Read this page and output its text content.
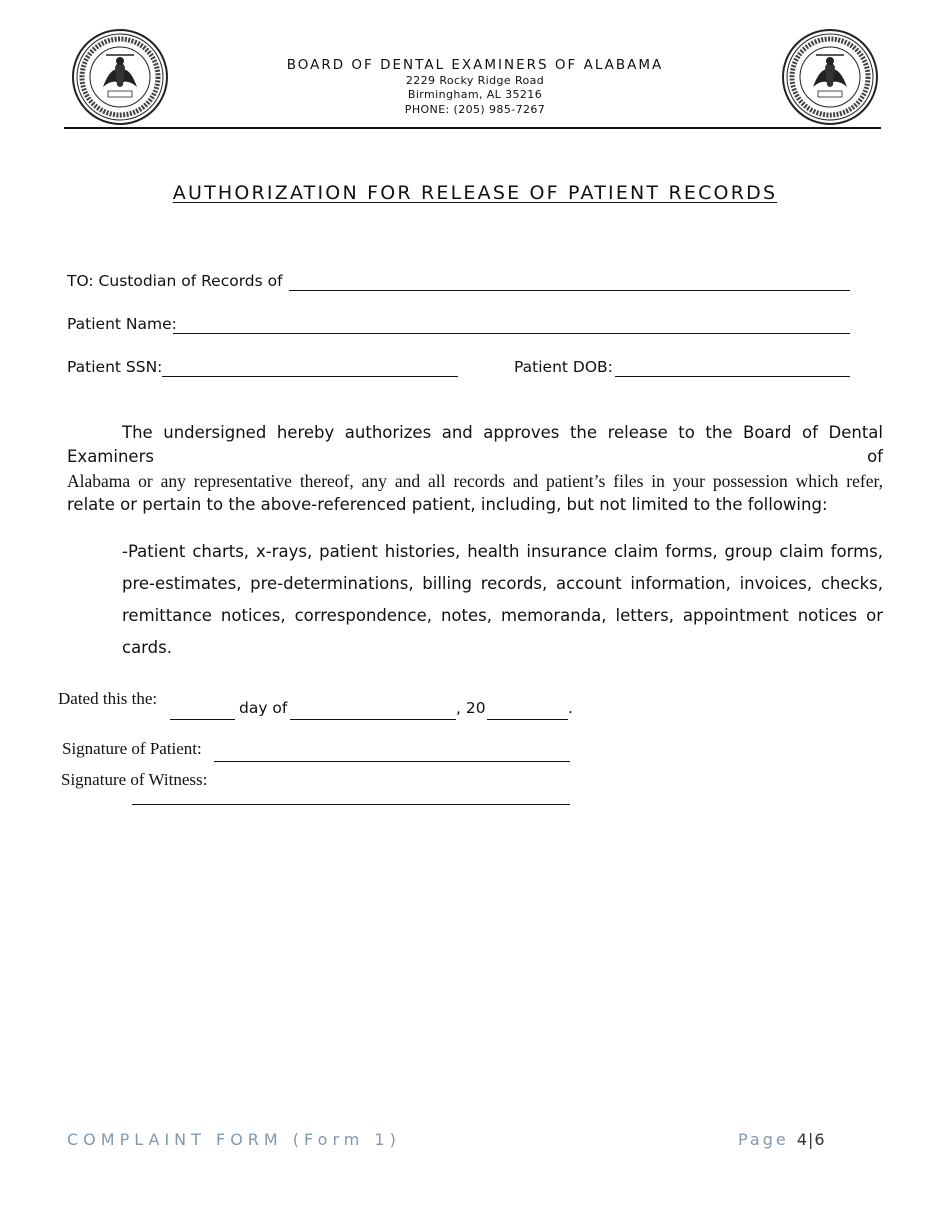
BOARD OF DENTAL EXAMINERS OF ALABAMA
2229 Rocky Ridge Road
Birmingham, AL 35216
PHONE: (205) 985-7267
AUTHORIZATION FOR RELEASE OF PATIENT RECORDS
TO: Custodian of Records of
Patient Name:
Patient SSN:	Patient DOB:
The undersigned hereby authorizes and approves the release to the Board of Dental Examiners of
Alabama or any representative thereof, any and all records and patient’s files in your possession which refer,
relate or pertain to the above-referenced patient, including, but not limited to the following:
-Patient charts, x-rays, patient histories, health insurance claim forms, group claim forms, pre-estimates, pre-determinations, billing records, account information, invoices, checks, remittance notices, correspondence, notes, memoranda, letters, appointment notices or cards.
Dated this the:	day of	, 20	.
Signature of Patient:
Signature of Witness:
COMPLAINT FORM (Form 1)	Page 4|6
